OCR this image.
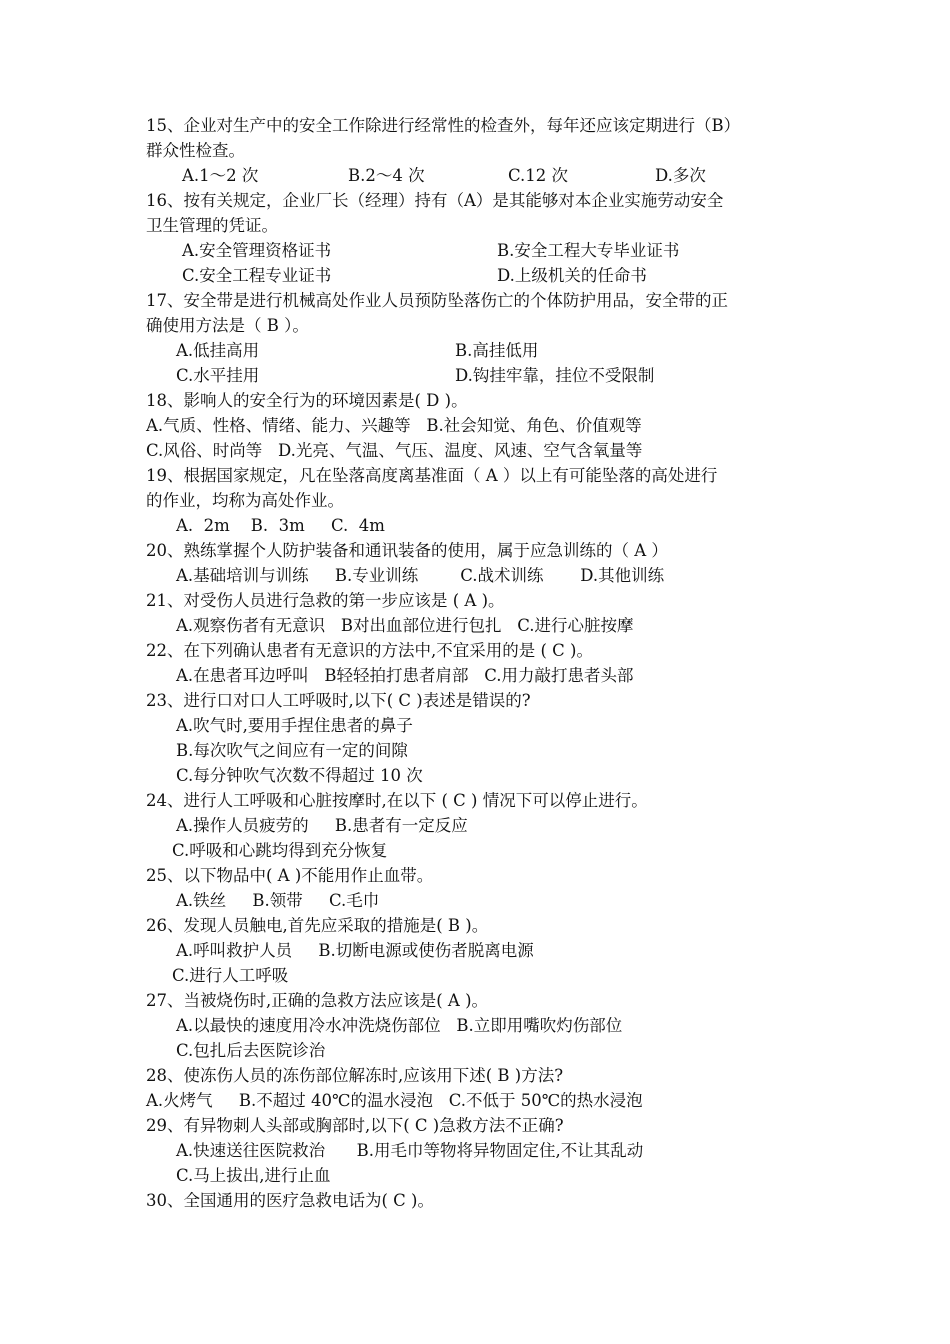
15、企业对生产中的安全工作除进行经常性的检查外，每年还应该定期进行（B）
群众性检查。
A.1～2 次	B.2～4 次	C.12 次	D.多次
16、按有关规定，企业厂长（经理）持有（A）是其能够对本企业实施劳动安全
卫生管理的凭证。
A.安全管理资格证书	B.安全工程大专毕业证书
C.安全工程专业证书	D.上级机关的任命书
17、安全带是进行机械高处作业人员预防坠落伤亡的个体防护用品，安全带的正
确使用方法是（ B ）。
A.低挂高用	B.高挂低用
C.水平挂用	D.钩挂牢靠，挂位不受限制
18、影响人的安全行为的环境因素是( D )。
A.气质、性格、情绪、能力、兴趣等   B.社会知觉、角色、价值观等
C.风俗、时尚等   D.光亮、气温、气压、温度、风速、空气含氧量等
19、根据国家规定，凡在坠落高度离基准面（ A ）以上有可能坠落的高处进行
的作业，均称为高处作业。
A.  2m    B.  3m     C.  4m
20、熟练掌握个人防护装备和通讯装备的使用，属于应急训练的（ A ）
A.基础培训与训练     B.专业训练        C.战术训练       D.其他训练
21、对受伤人员进行急救的第一步应该是 ( A )。
A.观察伤者有无意识   B对出血部位进行包扎   C.进行心脏按摩
22、在下列确认患者有无意识的方法中,不宜采用的是 ( C )。
A.在患者耳边呼叫   B轻轻拍打患者肩部   C.用力敲打患者头部
23、进行口对口人工呼吸时,以下( C )表述是错误的?
A.吹气时,要用手捏住患者的鼻子
B.每次吹气之间应有一定的间隙
C.每分钟吹气次数不得超过 10 次
24、进行人工呼吸和心脏按摩时,在以下 ( C ) 情况下可以停止进行。
A.操作人员疲劳的     B.患者有一定反应
C.呼吸和心跳均得到充分恢复
25、以下物品中( A )不能用作止血带。
A.铁丝     B.领带     C.毛巾
26、发现人员触电,首先应采取的措施是( B )。
A.呼叫救护人员     B.切断电源或使伤者脱离电源
C.进行人工呼吸
27、当被烧伤时,正确的急救方法应该是( A )。
A.以最快的速度用冷水冲洗烧伤部位   B.立即用嘴吹灼伤部位
C.包扎后去医院诊治
28、使冻伤人员的冻伤部位解冻时,应该用下述( B )方法?
A.火烤气     B.不超过 40℃的温水浸泡   C.不低于 50℃的热水浸泡
29、有异物刺人头部或胸部时,以下( C )急救方法不正确?
A.快速送往医院救治      B.用毛巾等物将异物固定住,不让其乱动
C.马上拔出,进行止血
30、全国通用的医疗急救电话为( C )。
